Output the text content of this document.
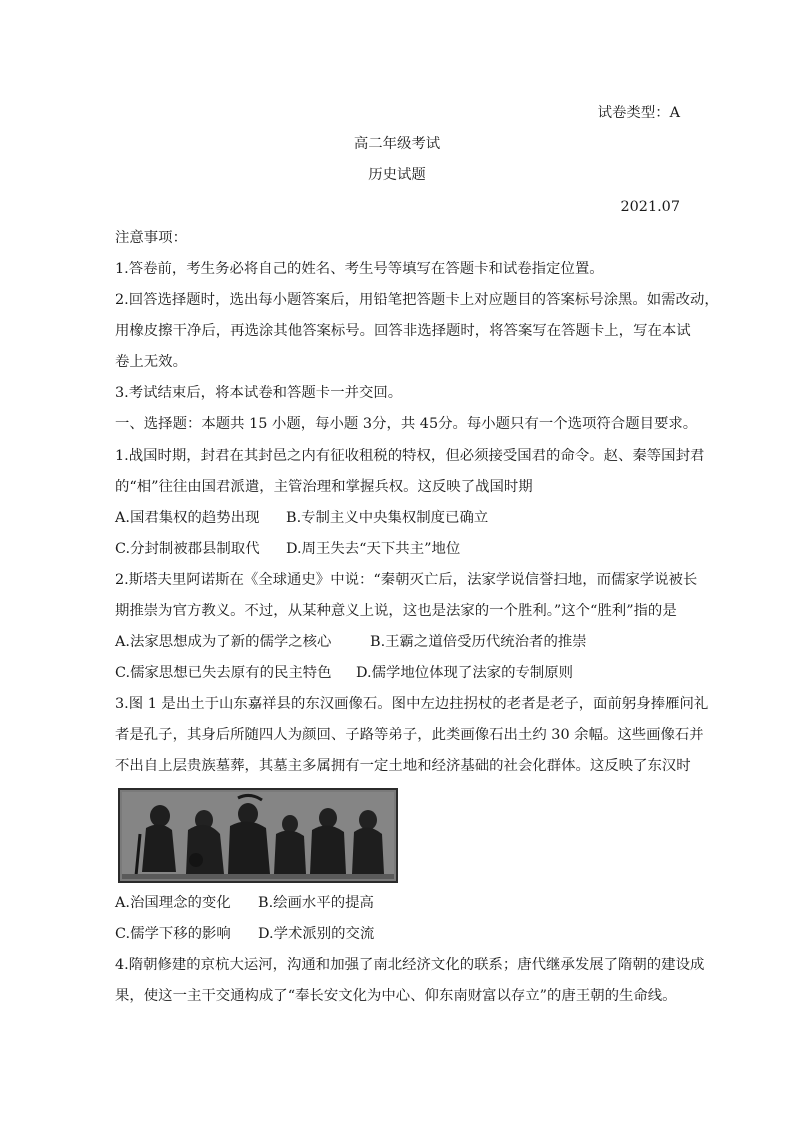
试卷类型：A
高二年级考试
历史试题
2021.07
注意事项：
1.答卷前，考生务必将自己的姓名、考生号等填写在答题卡和试卷指定位置。
2.回答选择题时，选出每小题答案后，用铅笔把答题卡上对应题目的答案标号涂黑。如需改动，
用橡皮擦干净后，再选涂其他答案标号。回答非选择题时，将答案写在答题卡上，写在本试
卷上无效。
3.考试结束后，将本试卷和答题卡一并交回。
一、选择题：本题共 15 小题，每小题 3分，共 45分。每小题只有一个选项符合题目要求。
1.战国时期，封君在其封邑之内有征收租税的特权，但必须接受国君的命令。赵、秦等国封君
的“相”往往由国君派遣，主管治理和掌握兵权。这反映了战国时期
A.国君集权的趋势出现 B.专制主义中央集权制度已确立
C.分封制被郡县制取代 D.周王失去“天下共主”地位
2.斯塔夫里阿诺斯在《全球通史》中说：“秦朝灭亡后，法家学说信誉扫地，而儒家学说被长
期推崇为官方教义。不过，从某种意义上说，这也是法家的一个胜利。”这个“胜利”指的是
A.法家思想成为了新的儒学之核心	B.王霸之道倍受历代统治者的推崇
C.儒家思想已失去原有的民主特色 D.儒学地位体现了法家的专制原则
3.图 1 是出土于山东嘉祥县的东汉画像石。图中左边拄拐杖的老者是老子，面前躬身捧雁问礼
者是孔子，其身后所随四人为颜回、子路等弟子，此类画像石出土约 30 余幅。这些画像石并
不出自上层贵族墓葬，其墓主多属拥有一定土地和经济基础的社会化群体。这反映了东汉时
A.治国理念的变化 B.绘画水平的提高
C.儒学下移的影响 D.学术派别的交流
4.隋朝修建的京杭大运河，沟通和加强了南北经济文化的联系；唐代继承发展了隋朝的建设成
果，使这一主干交通构成了“奉长安文化为中心、仰东南财富以存立”的唐王朝的生命线。
